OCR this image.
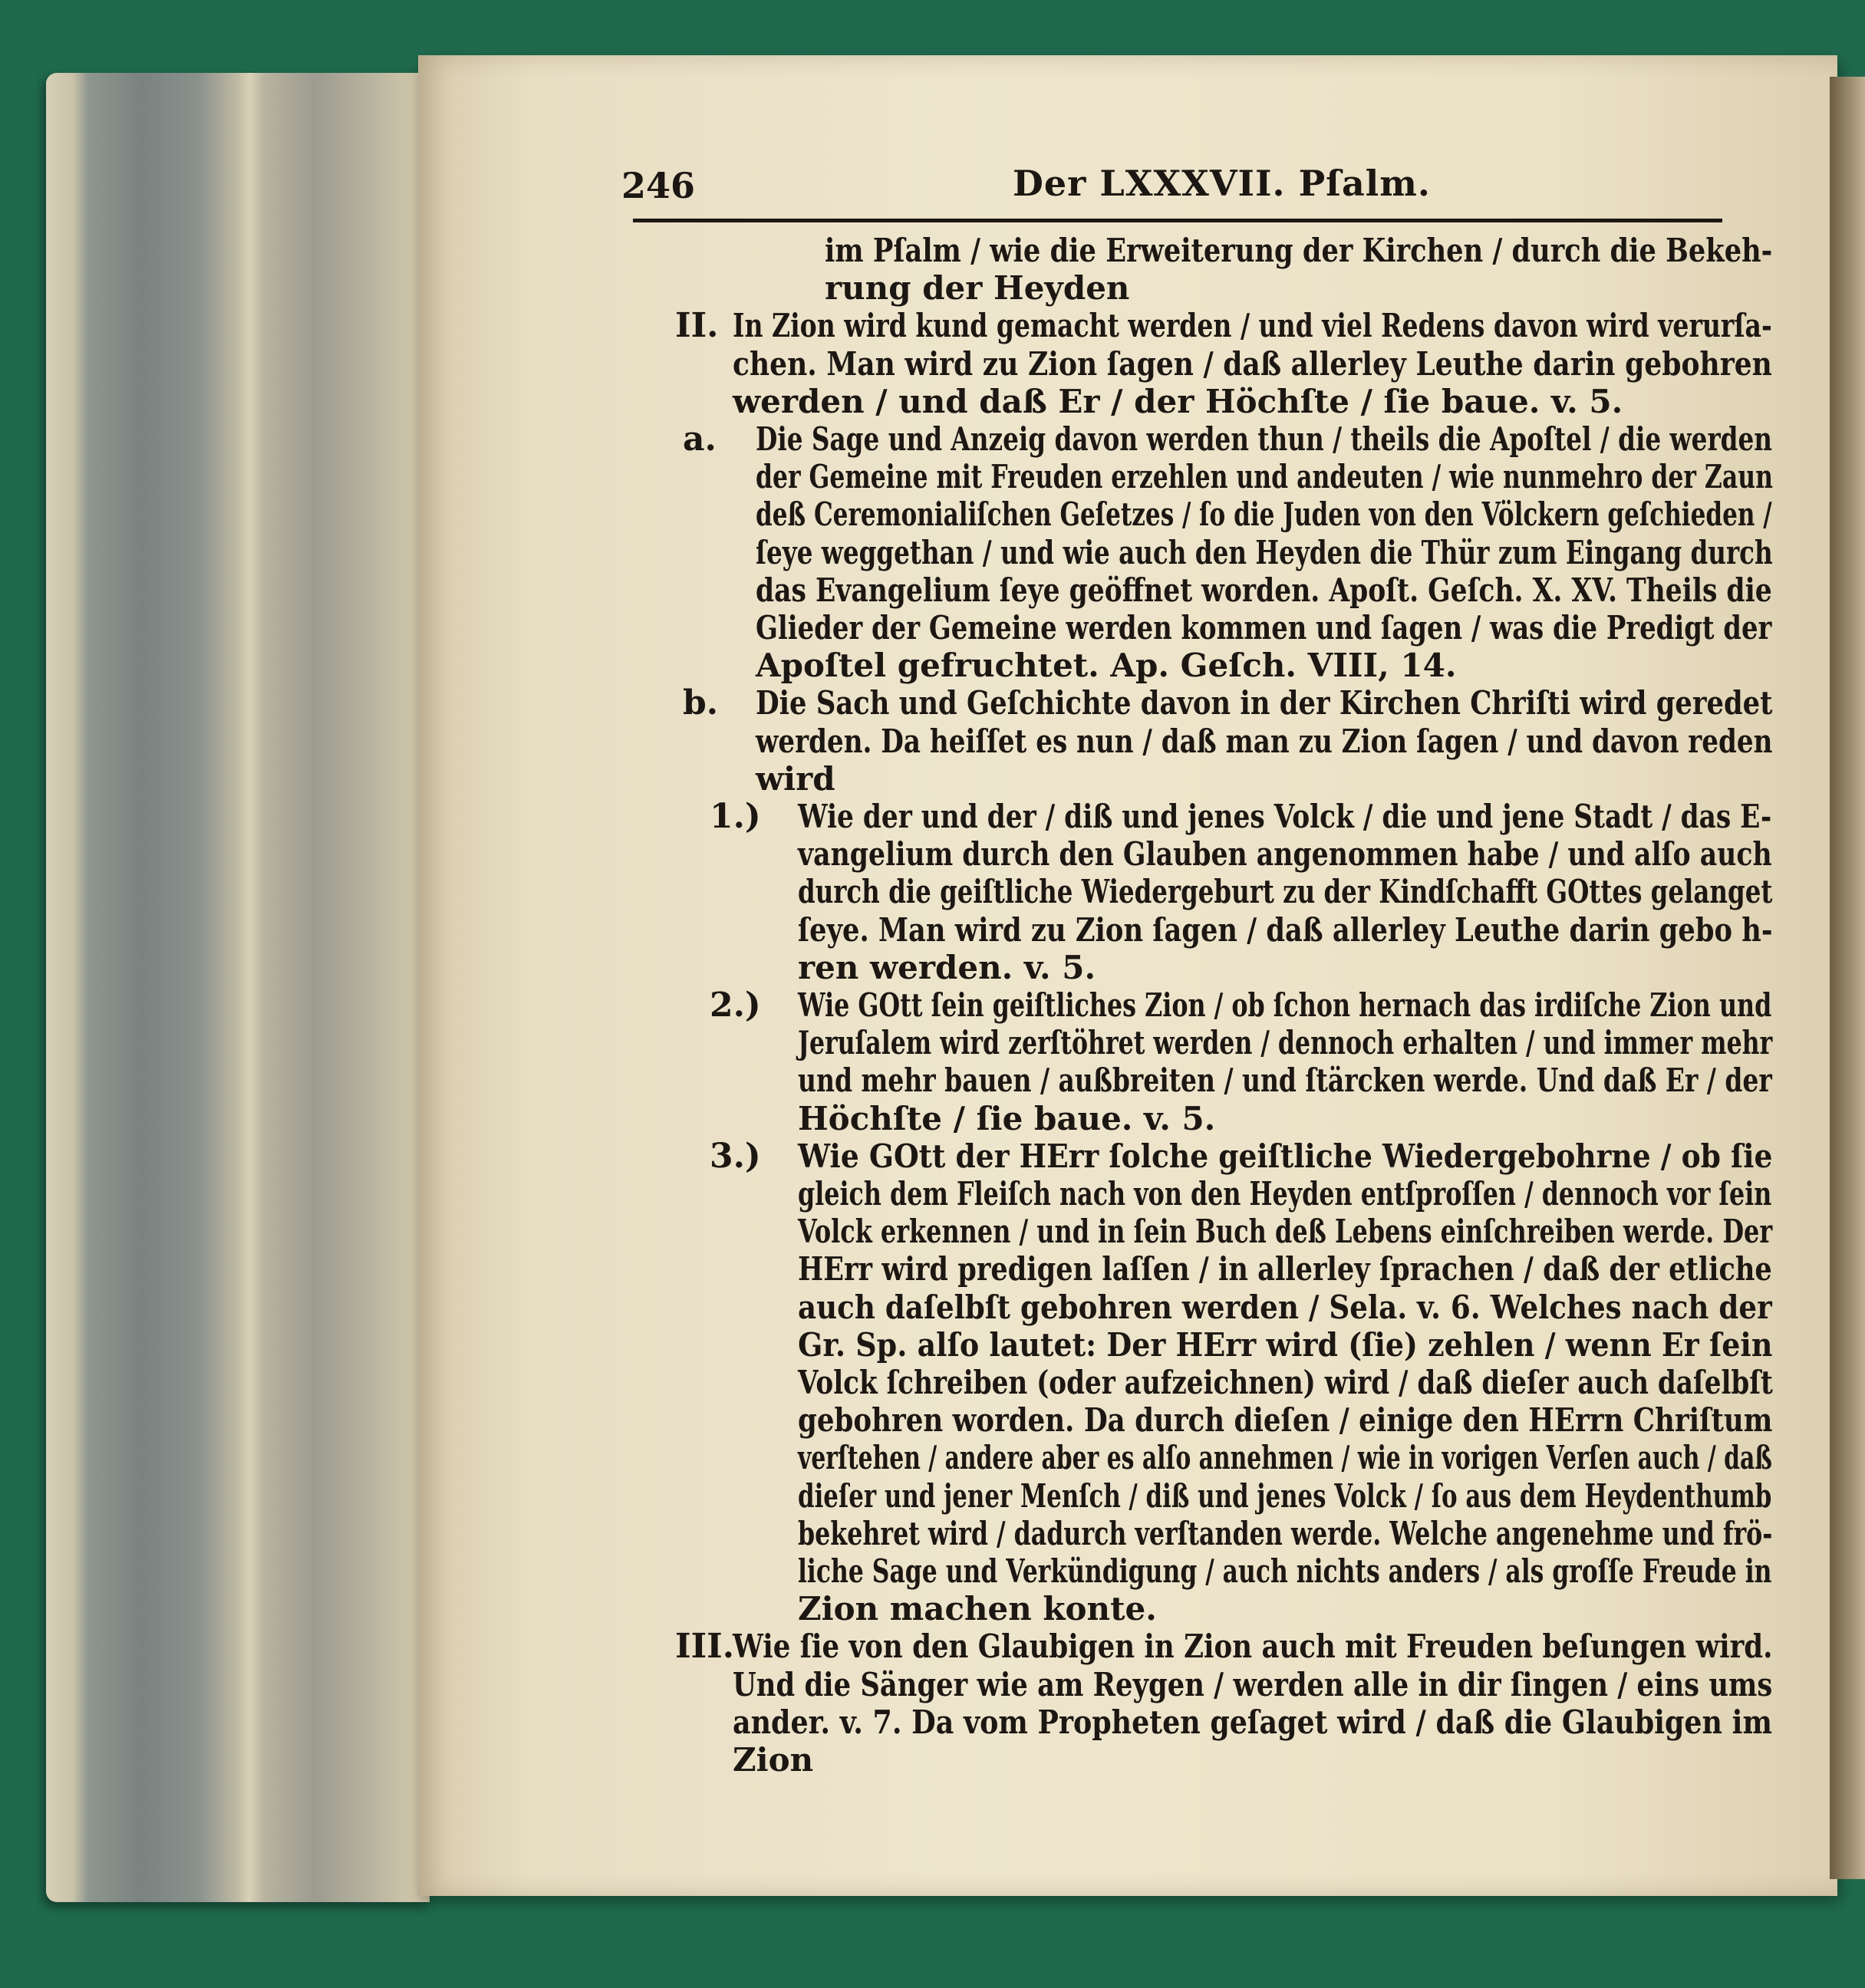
246	Der LXXXVII. Pſalm.
im Pſalm / wie die Erweiterung der Kirchen / durch die Bekeh-
rung der Heyden
II. In Zion wird kund gemacht werden / und viel Redens davon wird verurſa-
chen. Man wird zu Zion ſagen / daß allerley Leuthe darin gebohren
werden / und daß Er / der Höchſte / ſie baue. v. 5.
a. Die Sage und Anzeig davon werden thun / theils die Apoſtel / die werden
der Gemeine mit Freuden erzehlen und andeuten / wie nunmehro der Zaun
deß Ceremonialiſchen Geſetzes / ſo die Juden von den Völckern geſchieden /
ſeye weggethan / und wie auch den Heyden die Thür zum Eingang durch
das Evangelium ſeye geöffnet worden. Apoſt. Geſch. X. XV. Theils die
Glieder der Gemeine werden kommen und ſagen / was die Predigt der
Apoſtel gefruchtet. Ap. Geſch. VIII, 14.
b. Die Sach und Geſchichte davon in der Kirchen Chriſti wird geredet
werden. Da heiſſet es nun / daß man zu Zion ſagen / und davon reden
wird
1.) Wie der und der / diß und jenes Volck / die und jene Stadt / das E-
vangelium durch den Glauben angenommen habe / und alſo auch
durch die geiſtliche Wiedergeburt zu der Kindſchafft GOttes gelanget
ſeye. Man wird zu Zion ſagen / daß allerley Leuthe darin gebo h-
ren werden. v. 5.
2.) Wie GOtt ſein geiſtliches Zion / ob ſchon hernach das irdiſche Zion und
Jeruſalem wird zerſtöhret werden / dennoch erhalten / und immer mehr
und mehr bauen / außbreiten / und ſtärcken werde. Und daß Er / der
Höchſte / ſie baue. v. 5.
3.) Wie GOtt der HErr ſolche geiſtliche Wiedergebohrne / ob ſie
gleich dem Fleiſch nach von den Heyden entſproſſen / dennoch vor ſein
Volck erkennen / und in ſein Buch deß Lebens einſchreiben werde. Der
HErr wird predigen laſſen / in allerley ſprachen / daß der etliche
auch daſelbſt gebohren werden / Sela. v. 6. Welches nach der
Gr. Sp. alſo lautet: Der HErr wird (ſie) zehlen / wenn Er ſein
Volck ſchreiben (oder aufzeichnen) wird / daß dieſer auch daſelbſt
gebohren worden. Da durch dieſen / einige den HErrn Chriſtum
verſtehen / andere aber es alſo annehmen / wie in vorigen Verſen auch / daß
dieſer und jener Menſch / diß und jenes Volck / ſo aus dem Heydenthumb
bekehret wird / dadurch verſtanden werde. Welche angenehme und frö-
liche Sage und Verkündigung / auch nichts anders / als groſſe Freude in
Zion machen konte.
III.
Wie ſie von den Glaubigen in Zion auch mit Freuden beſungen wird.
Und die Sänger wie am Reygen / werden alle in dir ſingen / eins ums
ander. v. 7. Da vom Propheten geſaget wird / daß die Glaubigen im
Zion
